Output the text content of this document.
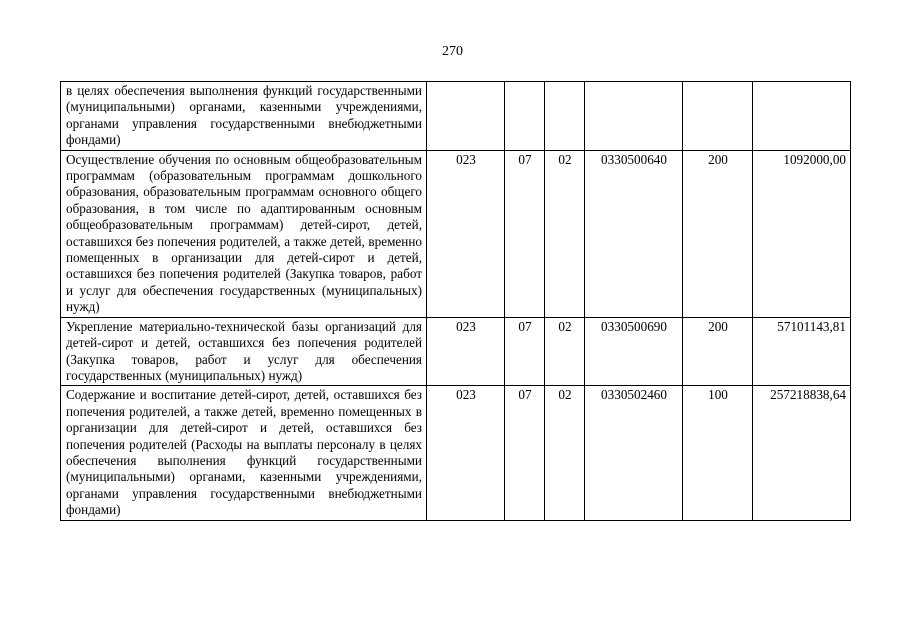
270
в целях обеспечения выполнения функций государственными (муниципальными) органами, казенными учреждениями, органами управления государственными внебюджетными фондами)						
Осуществление обучения по основным общеобразовательным программам (образовательным программам дошкольного образования, образовательным программам основного общего образования, в том числе по адаптированным основным общеобразовательным программам) детей-сирот, детей, оставшихся без попечения родителей, а также детей, временно помещенных в организации для детей-сирот и детей, оставшихся без попечения родителей (Закупка товаров, работ и услуг для обеспечения государственных (муниципальных) нужд)	023	07	02	0330500640	200	1092000,00
Укрепление материально-технической базы организаций для детей-сирот и детей, оставшихся без попечения родителей (Закупка товаров, работ и услуг для обеспечения государственных (муниципальных) нужд)	023	07	02	0330500690	200	57101143,81
Содержание и воспитание детей-сирот, детей, оставшихся без попечения родителей, а также детей, временно помещенных в организации для детей-сирот и детей, оставшихся без попечения родителей (Расходы на выплаты персоналу в целях обеспечения выполнения функций государственными (муниципальными) органами, казенными учреждениями, органами управления государственными внебюджетными фондами)	023	07	02	0330502460	100	257218838,64
